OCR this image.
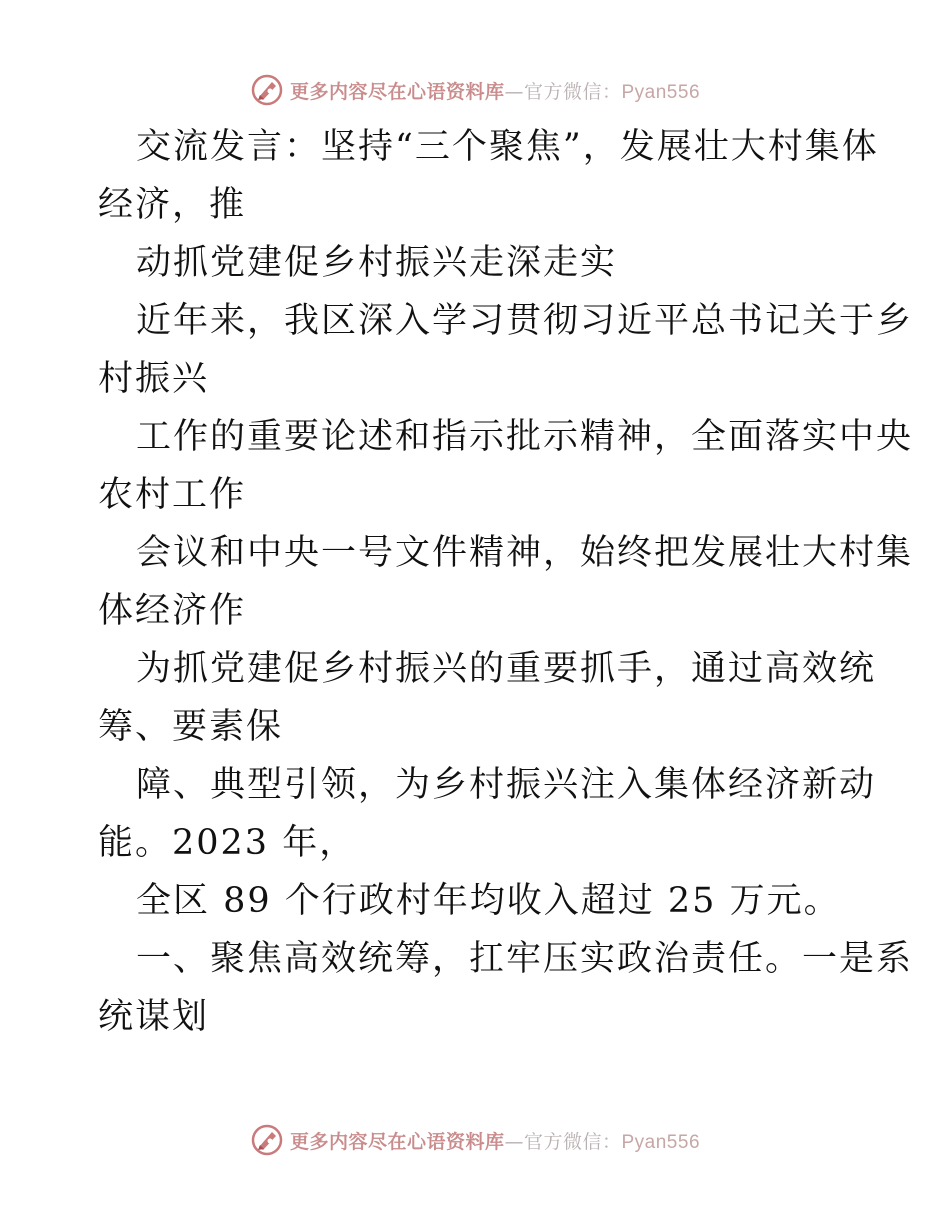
更多内容尽在心语资料库—官方微信：Pyan556
交流发言：坚持“三个聚焦”，发展壮大村集体
经济，推
动抓党建促乡村振兴走深走实
近年来，我区深入学习贯彻习近平总书记关于乡
村振兴
工作的重要论述和指示批示精神，全面落实中央
农村工作
会议和中央一号文件精神，始终把发展壮大村集
体经济作
为抓党建促乡村振兴的重要抓手，通过高效统
筹、要素保
障、典型引领，为乡村振兴注入集体经济新动
能。2023 年，
全区 89 个行政村年均收入超过 25 万元。
一、聚焦高效统筹，扛牢压实政治责任。一是系
统谋划
更多内容尽在心语资料库—官方微信：Pyan556
